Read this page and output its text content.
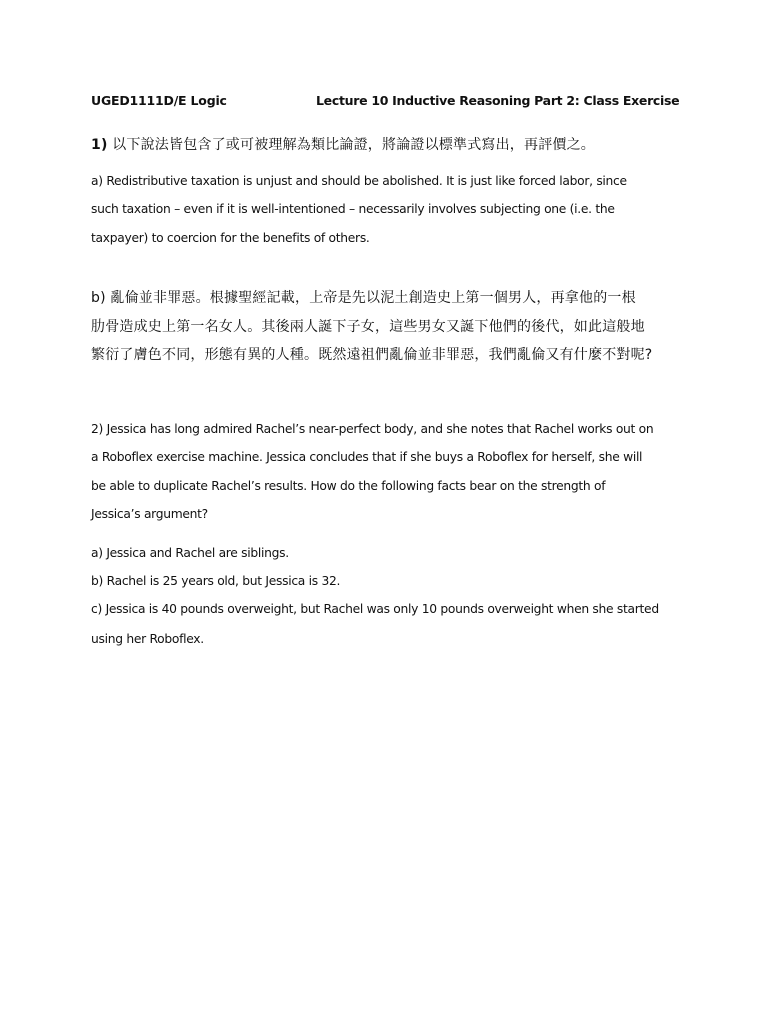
UGED1111D/E Logic	Lecture 10 Inductive Reasoning Part 2: Class Exercise
1) 以下說法皆包含了或可被理解為類比論證，將論證以標準式寫出，再評價之。
a) Redistributive taxation is unjust and should be abolished. It is just like forced labor, since
such taxation – even if it is well-intentioned – necessarily involves subjecting one (i.e. the
taxpayer) to coercion for the benefits of others.
b) 亂倫並非罪惡。根據聖經記載，上帝是先以泥土創造史上第一個男人，再拿他的一根
肋骨造成史上第一名女人。其後兩人誕下子女，這些男女又誕下他們的後代，如此這般地
繁衍了膚色不同，形態有異的人種。既然遠祖們亂倫並非罪惡，我們亂倫又有什麼不對呢?
2) Jessica has long admired Rachel’s near-perfect body, and she notes that Rachel works out on
a Roboflex exercise machine. Jessica concludes that if she buys a Roboflex for herself, she will
be able to duplicate Rachel’s results. How do the following facts bear on the strength of
Jessica’s argument?
a) Jessica and Rachel are siblings.
b) Rachel is 25 years old, but Jessica is 32.
c) Jessica is 40 pounds overweight, but Rachel was only 10 pounds overweight when she started
using her Roboflex.
